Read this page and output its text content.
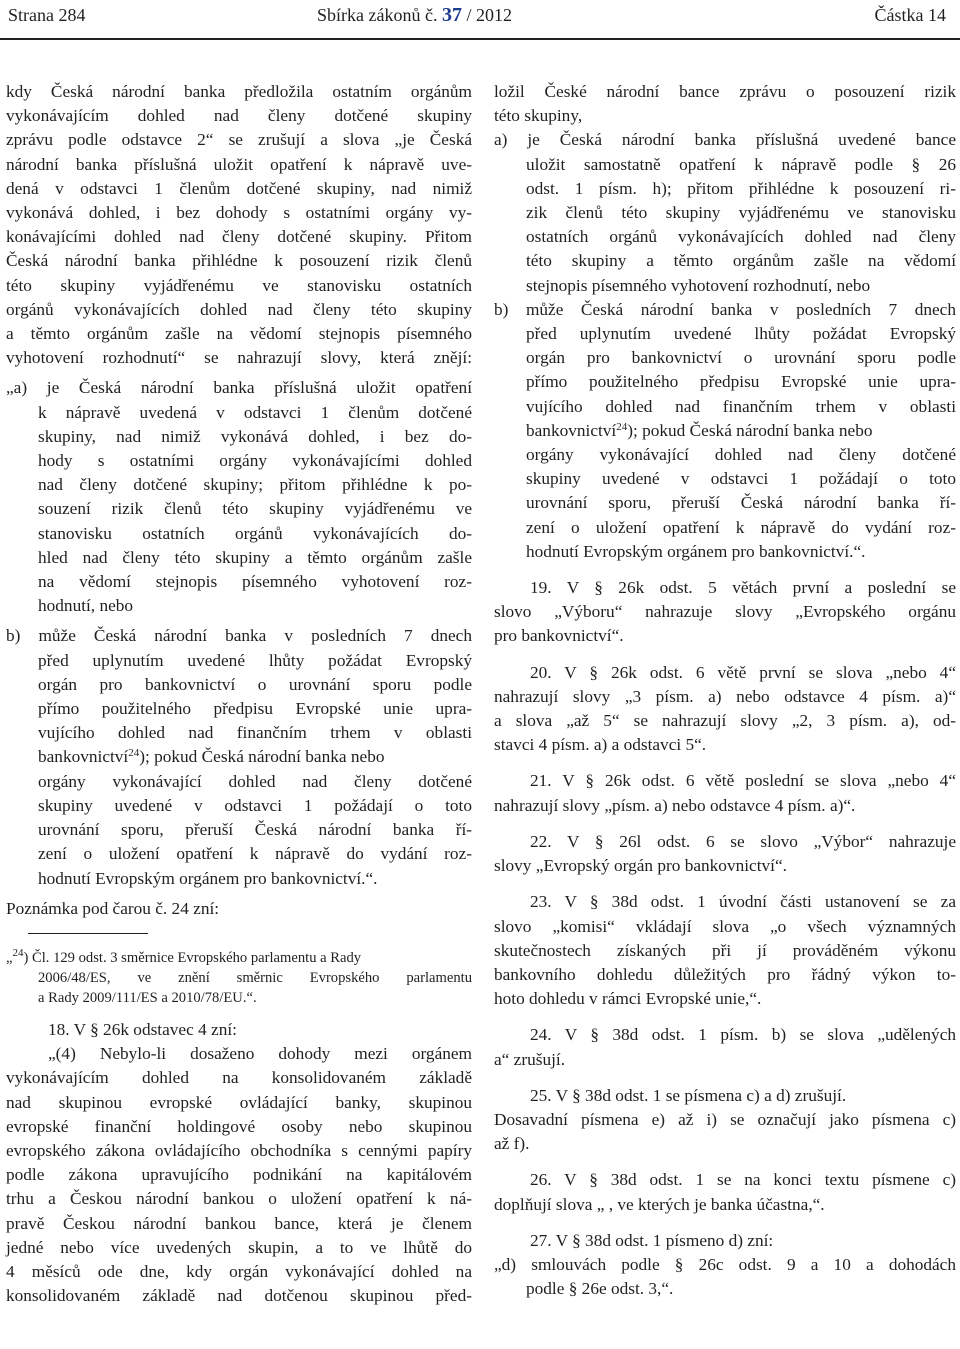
Strana 284	Sbírka zákonů č. 37 / 2012	Částka 14

kdy Česká národní banka předložila ostatním orgánům
vykonávajícím dohled nad členy dotčené skupiny
zprávu podle odstavce 2“ se zrušují a slova „je Česká
národní banka příslušná uložit opatření k nápravě uve-
dená v odstavci 1 členům dotčené skupiny, nad nimiž
vykonává dohled, i bez dohody s ostatními orgány vy-
konávajícími dohled nad členy dotčené skupiny. Přitom
Česká národní banka přihlédne k posouzení rizik členů
této skupiny vyjádřenému ve stanovisku ostatních
orgánů vykonávajících dohled nad členy této skupiny
a těmto orgánům zašle na vědomí stejnopis písemného
vyhotovení rozhodnutí“ se nahrazují slovy, která znějí:

„a) je Česká národní banka příslušná uložit opatření
k nápravě uvedená v odstavci 1 členům dotčené
skupiny, nad nimiž vykonává dohled, i bez do-
hody s ostatními orgány vykonávajícími dohled
nad členy dotčené skupiny; přitom přihlédne k po-
souzení rizik členů této skupiny vyjádřenému ve
stanovisku ostatních orgánů vykonávajících do-
hled nad členy této skupiny a těmto orgánům zašle
na vědomí stejnopis písemného vyhotovení roz-
hodnutí, nebo

b) může Česká národní banka v posledních 7 dnech
před uplynutím uvedené lhůty požádat Evropský
orgán pro bankovnictví o urovnání sporu podle
přímo použitelného předpisu Evropské unie upra-
vujícího dohled nad finančním trhem v oblasti
bankovnictví$^{24}$); pokud Česká národní banka nebo
orgány vykonávající dohled nad členy dotčené
skupiny uvedené v odstavci 1 požádají o toto
urovnání sporu, přeruší Česká národní banka ří-
zení o uložení opatření k nápravě do vydání roz-
hodnutí Evropským orgánem pro bankovnictví.“.

Poznámka pod čarou č. 24 zní:

„$^{24}$) Čl. 129 odst. 3 směrnice Evropského parlamentu a Rady
2006/48/ES, ve znění směrnic Evropského parlamentu
a Rady 2009/111/ES a 2010/78/EU.“.

18. V § 26k odstavec 4 zní:
„(4) Nebylo-li dosaženo dohody mezi orgánem
vykonávajícím dohled na konsolidovaném základě
nad skupinou evropské ovládající banky, skupinou
evropské finanční holdingové osoby nebo skupinou
evropského zákona ovládajícího obchodníka s cennými papíry
podle zákona upravujícího podnikání na kapitálovém
trhu a Českou národní bankou o uložení opatření k ná-
pravě Českou národní bankou bance, která je členem
jedné nebo více uvedených skupin, a to ve lhůtě do
4 měsíců ode dne, kdy orgán vykonávající dohled na
konsolidovaném základě nad dotčenou skupinou před-

ložil České národní bance zprávu o posouzení rizik
této skupiny,

a) je Česká národní banka příslušná uvedené bance
uložit samostatně opatření k nápravě podle § 26
odst. 1 písm. h); přitom přihlédne k posouzení ri-
zik členů této skupiny vyjádřenému ve stanovisku
ostatních orgánů vykonávajících dohled nad členy
této skupiny a těmto orgánům zašle na vědomí
stejnopis písemného vyhotovení rozhodnutí, nebo

b) může Česká národní banka v posledních 7 dnech
před uplynutím uvedené lhůty požádat Evropský
orgán pro bankovnictví o urovnání sporu podle
přímo použitelného předpisu Evropské unie upra-
vujícího dohled nad finančním trhem v oblasti
bankovnictví$^{24}$); pokud Česká národní banka nebo
orgány vykonávající dohled nad členy dotčené
skupiny uvedené v odstavci 1 požádají o toto
urovnání sporu, přeruší Česká národní banka ří-
zení o uložení opatření k nápravě do vydání roz-
hodnutí Evropským orgánem pro bankovnictví.“.

19. V § 26k odst. 5 větách první a poslední se
slovo „Výboru“ nahrazuje slovy „Evropského orgánu
pro bankovnictví“.

20. V § 26k odst. 6 větě první se slova „nebo 4“
nahrazují slovy „3 písm. a) nebo odstavce 4 písm. a)“
a slova „až 5“ se nahrazují slovy „2, 3 písm. a), od-
stavci 4 písm. a) a odstavci 5“.

21. V § 26k odst. 6 větě poslední se slova „nebo 4“
nahrazují slovy „písm. a) nebo odstavce 4 písm. a)“.

22. V § 26l odst. 6 se slovo „Výbor“ nahrazuje
slovy „Evropský orgán pro bankovnictví“.

23. V § 38d odst. 1 úvodní části ustanovení se za
slovo „komisi“ vkládají slova „o všech významných
skutečnostech získaných při jí prováděném výkonu
bankovního dohledu důležitých pro řádný výkon to-
hoto dohledu v rámci Evropské unie,“.

24. V § 38d odst. 1 písm. b) se slova „udělených
a“ zrušují.

25. V § 38d odst. 1 se písmena c) a d) zrušují.
Dosavadní písmena e) až i) se označují jako písmena c)
až f).

26. V § 38d odst. 1 se na konci textu písmene c)
doplňují slova „ , ve kterých je banka účastna,“.

27. V § 38d odst. 1 písmeno d) zní:

„d) smlouvách podle § 26c odst. 9 a 10 a dohodách
podle § 26e odst. 3,“.
